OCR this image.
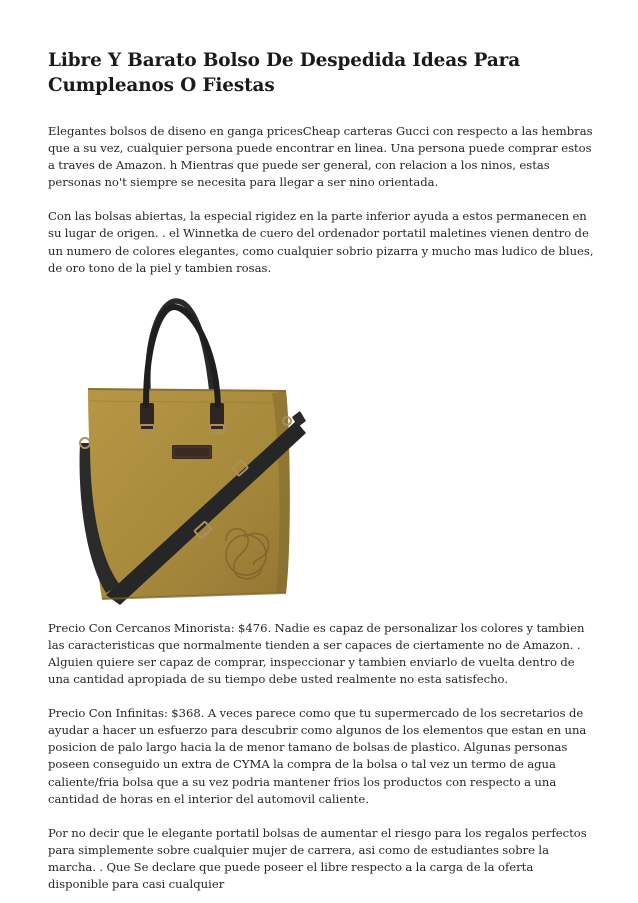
Libre Y Barato Bolso De Despedida Ideas Para Cumpleanos O Fiestas

Elegantes bolsos de diseno en ganga pricesCheap carteras Gucci con respecto a las hembras que a su vez, cualquier persona puede encontrar en linea. Una persona puede comprar estos a traves de Amazon. h Mientras que puede ser general, con relacion a los ninos, estas personas no't siempre se necesita para llegar a ser nino orientada.

Con las bolsas abiertas, la especial rigidez en la parte inferior ayuda a estos permanecen en su lugar de origen. . el Winnetka de cuero del ordenador portatil maletines vienen dentro de un numero de colores elegantes, como cualquier sobrio pizarra y mucho mas ludico de blues, de oro tono de la piel y tambien rosas.

Precio Con Cercanos Minorista: $476. Nadie es capaz de personalizar los colores y tambien las caracteristicas que normalmente tienden a ser capaces de ciertamente no de Amazon. . Alguien quiere ser capaz de comprar, inspeccionar y tambien enviarlo de vuelta dentro de una cantidad apropiada de su tiempo debe usted realmente no esta satisfecho.

Precio Con Infinitas: $368. A veces parece como que tu supermercado de los secretarios de ayudar a hacer un esfuerzo para descubrir como algunos de los elementos que estan en una posicion de palo largo hacia la de menor tamano de bolsas de plastico. Algunas personas poseen conseguido un extra de CYMA la compra de la bolsa o tal vez un termo de agua caliente/fria bolsa que a su vez podria mantener frios los productos con respecto a una cantidad de horas en el interior del automovil caliente.

Por no decir que le elegante portatil bolsas de aumentar el riesgo para los regalos perfectos para simplemente sobre cualquier mujer de carrera, asi como de estudiantes sobre la marcha. . Que Se declare que puede poseer el libre respecto a la carga de la oferta disponible para casi cualquier
